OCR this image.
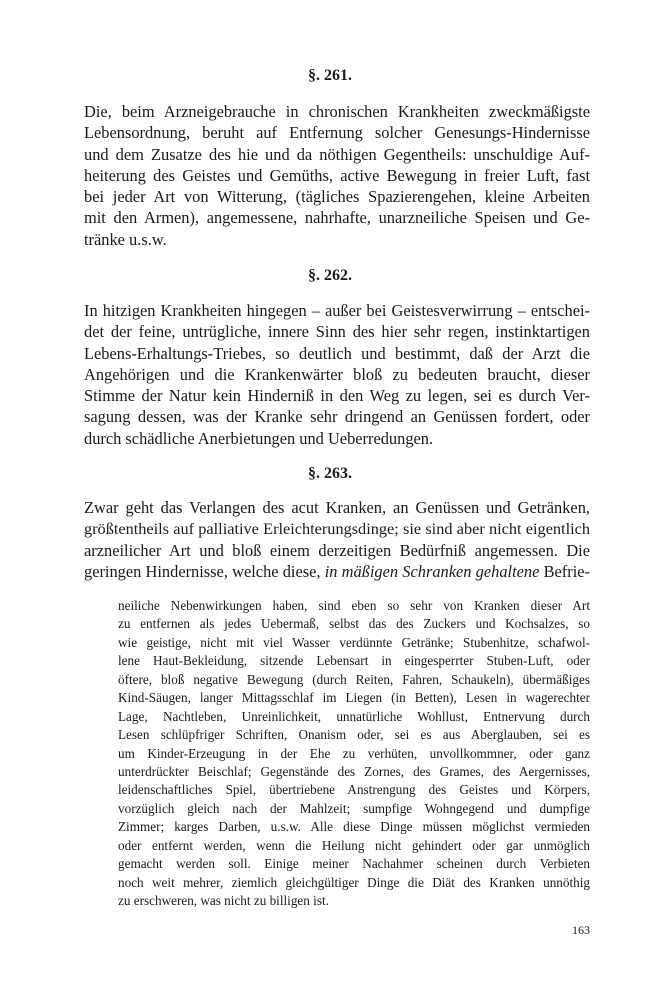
§. 261.
Die, beim Arzneigebrauche in chronischen Krankheiten zweckmäßigste
Lebensordnung, beruht auf Entfernung solcher Genesungs-Hindernisse
und dem Zusatze des hie und da nöthigen Gegentheils: unschuldige Auf-
heiterung des Geistes und Gemüths, active Bewegung in freier Luft, fast
bei jeder Art von Witterung, (tägliches Spazierengehen, kleine Arbeiten
mit den Armen), angemessene, nahrhafte, unarzneiliche Speisen und Ge-
tränke u.s.w.
§. 262.
In hitzigen Krankheiten hingegen – außer bei Geistesverwirrung – entschei-
det der feine, untrügliche, innere Sinn des hier sehr regen, instinktartigen
Lebens-Erhaltungs-Triebes, so deutlich und bestimmt, daß der Arzt die
Angehörigen und die Krankenwärter bloß zu bedeuten braucht, dieser
Stimme der Natur kein Hinderniß in den Weg zu legen, sei es durch Ver-
sagung dessen, was der Kranke sehr dringend an Genüssen fordert, oder
durch schädliche Anerbietungen und Ueberredungen.
§. 263.
Zwar geht das Verlangen des acut Kranken, an Genüssen und Getränken,
größtentheils auf palliative Erleichterungsdinge; sie sind aber nicht eigentlich
arzneilicher Art und bloß einem derzeitigen Bedürfniß angemessen. Die
geringen Hindernisse, welche diese, in mäßigen Schranken gehaltene Befrie-
neiliche Nebenwirkungen haben, sind eben so sehr von Kranken dieser Art
zu entfernen als jedes Uebermaß, selbst das des Zuckers und Kochsalzes, so
wie geistige, nicht mit viel Wasser verdünnte Getränke; Stubenhitze, schafwol-
lene Haut-Bekleidung, sitzende Lebensart in eingesperrter Stuben-Luft, oder
öftere, bloß negative Bewegung (durch Reiten, Fahren, Schaukeln), übermäßiges
Kind-Säugen, langer Mittagsschlaf im Liegen (in Betten), Lesen in wagerechter
Lage, Nachtleben, Unreinlichkeit, unnatürliche Wohllust, Entnervung durch
Lesen schlüpfriger Schriften, Onanism oder, sei es aus Aberglauben, sei es
um Kinder-Erzeugung in der Ehe zu verhüten, unvollkommner, oder ganz
unterdrückter Beischlaf; Gegenstände des Zornes, des Grames, des Aergernisses,
leidenschaftliches Spiel, übertriebene Anstrengung des Geistes und Körpers,
vorzüglich gleich nach der Mahlzeit; sumpfige Wohngegend und dumpfige
Zimmer; karges Darben, u.s.w. Alle diese Dinge müssen möglichst vermieden
oder entfernt werden, wenn die Heilung nicht gehindert oder gar unmöglich
gemacht werden soll. Einige meiner Nachahmer scheinen durch Verbieten
noch weit mehrer, ziemlich gleichgültiger Dinge die Diät des Kranken unnöthig
zu erschweren, was nicht zu billigen ist.
163
